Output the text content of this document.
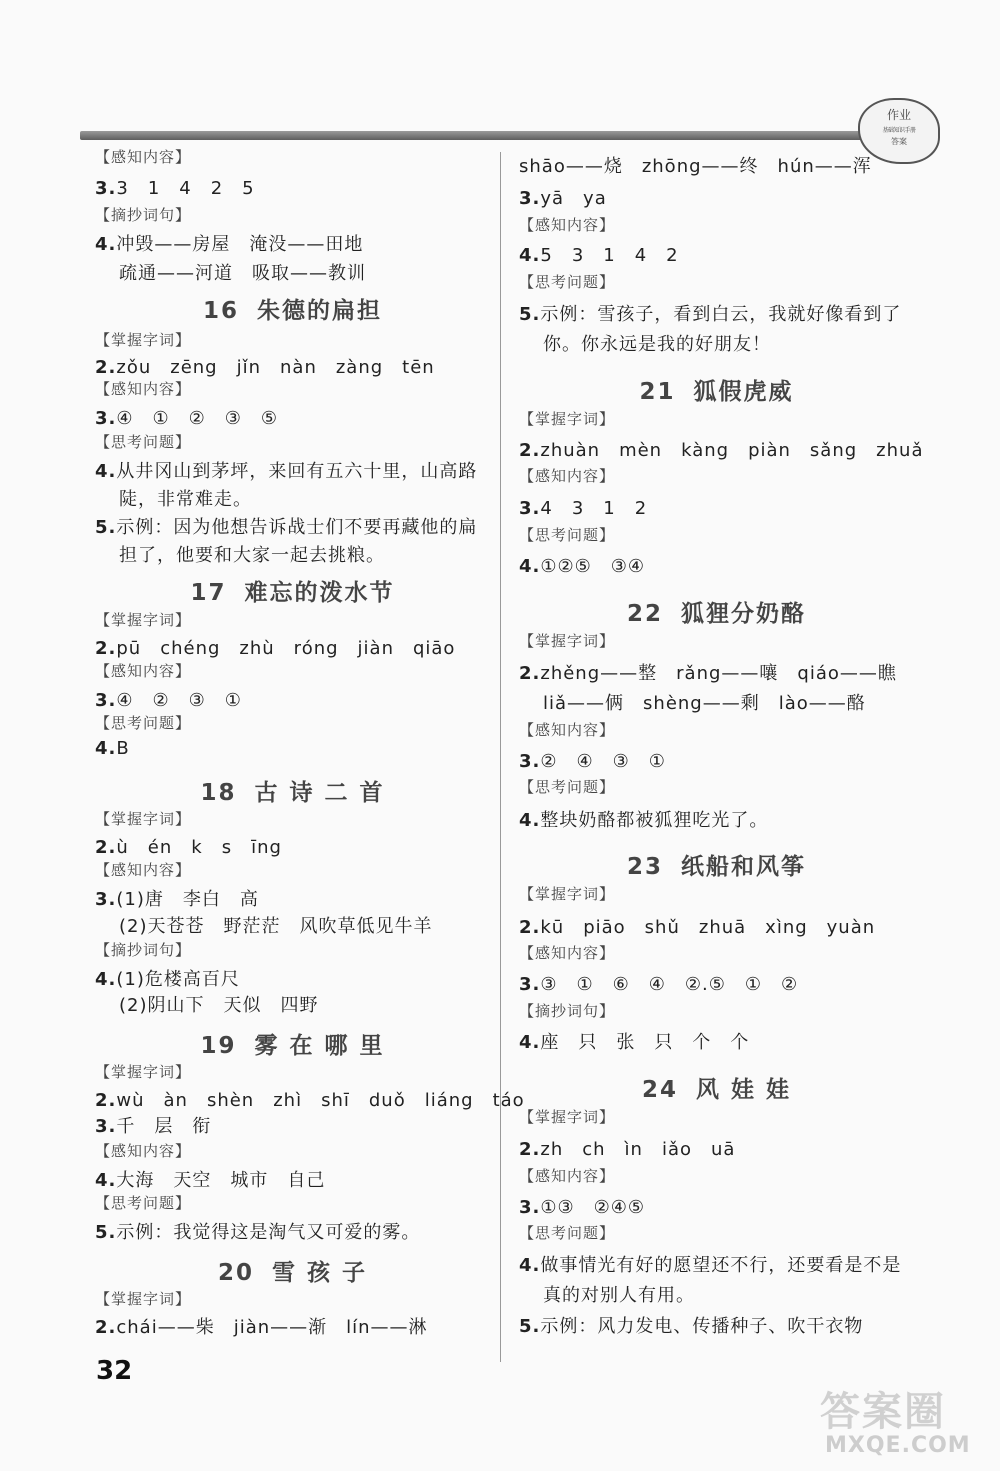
作业
基础知识手册
答案
【感知内容】
3.3　1　4　2　5
【摘抄词句】
4.冲毁——房屋　淹没——田地
疏通——河道　吸取——教训
16 朱德的扁担
【掌握字词】
2.zǒu　zēng　jǐn　nàn　zàng　tēn
【感知内容】
3.④　①　②　③　⑤
【思考问题】
4.从井冈山到茅坪，来回有五六十里，山高路
陡，非常难走。
5.示例：因为他想告诉战士们不要再藏他的扁
担了，他要和大家一起去挑粮。
17 难忘的泼水节
【掌握字词】
2.pū　chéng　zhù　róng　jiàn　qiāo
【感知内容】
3.④　②　③　①
【思考问题】
4.B
18 古 诗 二 首
【掌握字词】
2.ù　én　k　s　īng
【感知内容】
3.(1)唐　李白　高
(2)天苍苍　野茫茫　风吹草低见牛羊
【摘抄词句】
4.(1)危楼高百尺
(2)阴山下　天似　四野
19 雾 在 哪 里
【掌握字词】
2.wù　àn　shèn　zhì　shī　duǒ　liáng　táo
3.千　层　衔
【感知内容】
4.大海　天空　城市　自己
【思考问题】
5.示例：我觉得这是淘气又可爱的雾。
20 雪 孩 子
【掌握字词】
2.chái——柴　jiàn——渐　lín——淋
shāo——烧　zhōng——终　hún——浑
3.yā　ya
【感知内容】
4.5　3　1　4　2
【思考问题】
5.示例：雪孩子，看到白云，我就好像看到了
你。你永远是我的好朋友！
21 狐假虎威
【掌握字词】
2.zhuàn　mèn　kàng　piàn　sǎng　zhuǎ
【感知内容】
3.4　3　1　2
【思考问题】
4.①②⑤　③④
22 狐狸分奶酪
【掌握字词】
2.zhěng——整　rǎng——嚷　qiáo——瞧
liǎ——俩　shèng——剩　lào——酪
【感知内容】
3.②　④　③　①
【思考问题】
4.整块奶酪都被狐狸吃光了。
23 纸船和风筝
【掌握字词】
2.kū　piāo　shǔ　zhuā　xìng　yuàn
【感知内容】
3.③　①　⑥　④　②.⑤　①　②
【摘抄词句】
4.座　只　张　只　个　个
24 风 娃 娃
【掌握字词】
2.zh　ch　ìn　iǎo　uā
【感知内容】
3.①③　②④⑤
【思考问题】
4.做事情光有好的愿望还不行，还要看是不是
真的对别人有用。
5.示例：风力发电、传播种子、吹干衣物
32
答案圈
MXQE.COM
